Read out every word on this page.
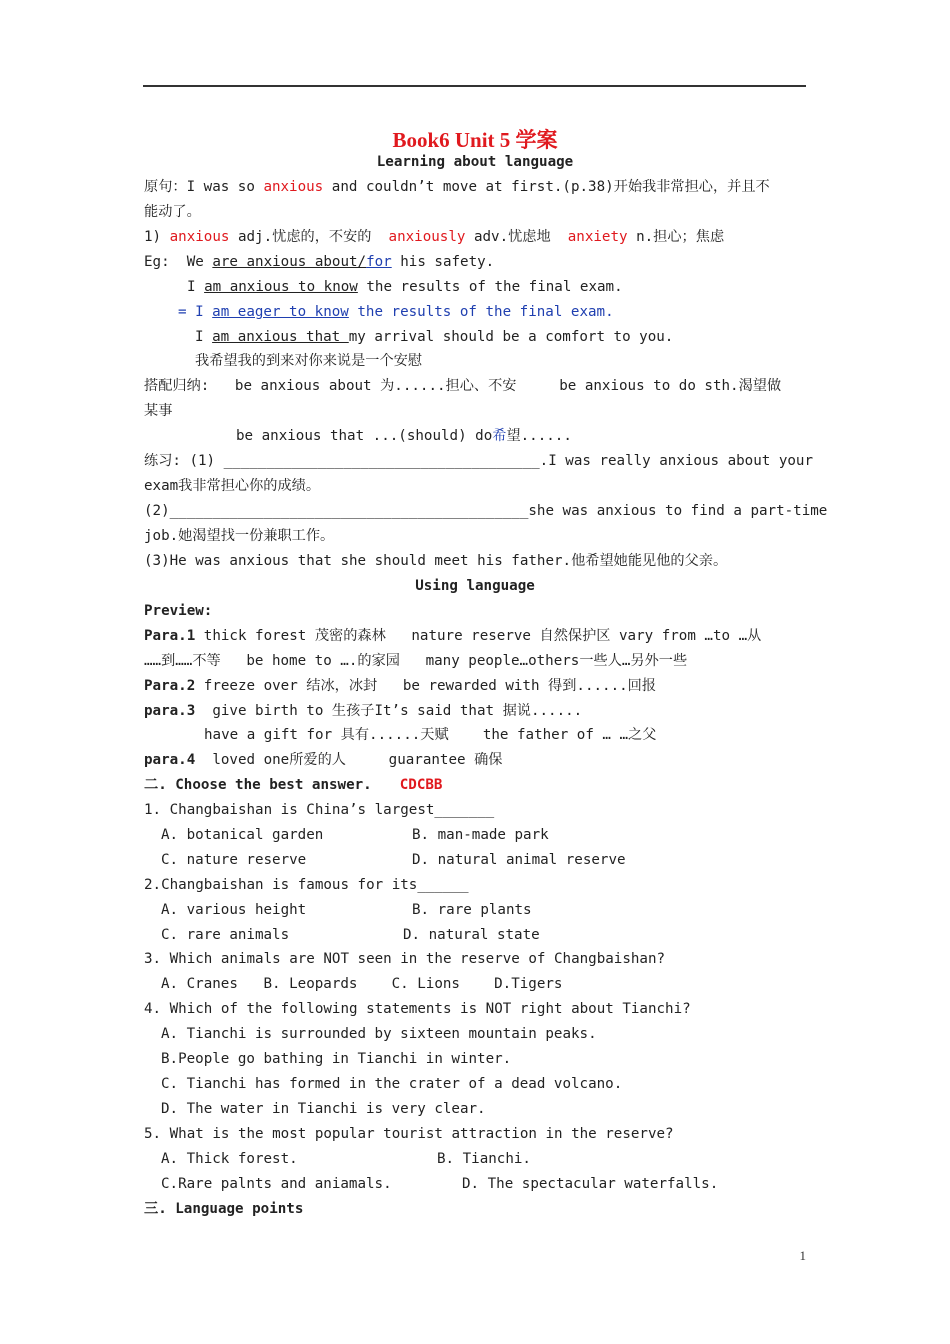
Book6 Unit 5 学案
Learning about language
原句：I was so anxious and couldn’t move at first.(p.38)开始我非常担心，并且不
能动了。
1) anxious adj.忧虑的，不安的  anxiously adv.忧虑地  anxiety n.担心；焦虑
Eg:  We are anxious about/for his safety.
I am anxious to know the results of the final exam.
= I am eager to know the results of the final exam.
I am anxious that my arrival should be a comfort to you.
我希望我的到来对你来说是一个安慰
搭配归纳:   be anxious about 为......担心、不安     be anxious to do sth.渴望做
某事
be anxious that ...(should) do希望......
练习: (1) _____________________________________.I was really anxious about your
exam我非常担心你的成绩。
(2)__________________________________________she was anxious to find a part-time
job.她渴望找一份兼职工作。
(3)He was anxious that she should meet his father.他希望她能见他的父亲。
Using language
Preview:
Para.1 thick forest 茂密的森林   nature reserve 自然保护区 vary from …to …从
……到……不等   be home to ….的家园   many people…others一些人…另外一些
Para.2 freeze over 结冰，冰封   be rewarded with 得到......回报
para.3  give birth to 生孩子It’s said that 据说......
have a gift for 具有......天赋    the father of … …之父
para.4  loved one所爱的人     guarantee 确保
二. Choose the best answer. CDCBB
1. Changbaishan is China’s largest_______
A. botanical garden	B. man-made park
C. nature reserve	D. natural animal reserve
2.Changbaishan is famous for its______
A. various height	B. rare plants
C. rare animals	D. natural state
3. Which animals are NOT seen in the reserve of Changbaishan?
A. Cranes   B. Leopards    C. Lions    D.Tigers
4. Which of the following statements is NOT right about Tianchi?
A. Tianchi is surrounded by sixteen mountain peaks.
B.People go bathing in Tianchi in winter.
C. Tianchi has formed in the crater of a dead volcano.
D. The water in Tianchi is very clear.
5. What is the most popular tourist attraction in the reserve?
A. Thick forest.	B. Tianchi.
C.Rare palnts and aniamals.	D. The spectacular waterfalls.
三. Language points
1
